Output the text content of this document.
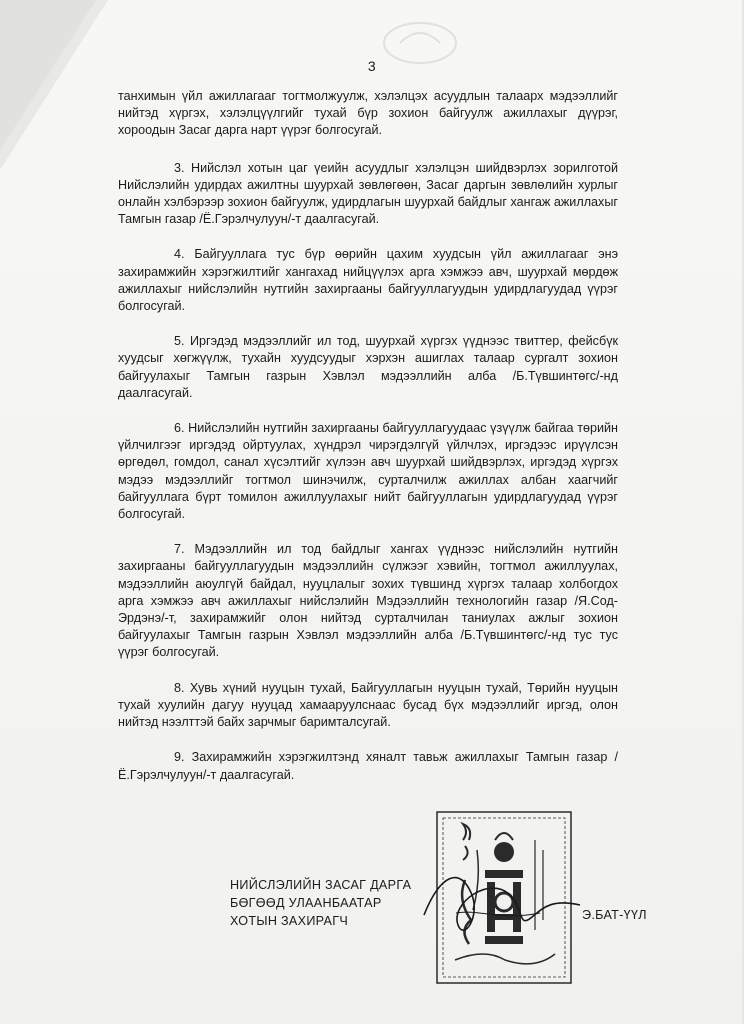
3

танхимын үйл ажиллагааг тогтмолжуулж, хэлэлцэх асуудлын талаарх мэдээллийг нийтэд хүргэх, хэлэлцүүлгийг тухай бүр зохион байгуулж ажиллахыг дүүрэг, хороодын Засаг дарга нарт үүрэг болгосугай.

3. Нийслэл хотын цаг үеийн асуудлыг хэлэлцэн шийдвэрлэх зорилготой Нийслэлийн удирдах ажилтны шуурхай зөвлөгөөн, Засаг даргын зөвлөлийн хурлыг онлайн хэлбэрээр зохион байгуулж, удирдлагын шуурхай байдлыг хангаж ажиллахыг Тамгын газар /Ё.Гэрэлчулуун/-т даалгасугай.

4. Байгууллага тус бүр өөрийн цахим хуудсын үйл ажиллагааг энэ захирамжийн хэрэгжилтийг хангахад нийцүүлэх арга хэмжээ авч, шуурхай мөрдөж ажиллахыг нийслэлийн нутгийн захиргааны байгууллагуудын удирдлагуудад үүрэг болгосугай.

5. Иргэдэд мэдээллийг ил тод, шуурхай хүргэх үүднээс твиттер, фейсбүк хуудсыг хөгжүүлж, тухайн хуудсуудыг хэрхэн ашиглах талаар сургалт зохион байгуулахыг Тамгын газрын Хэвлэл мэдээллийн алба /Б.Түвшинтөгс/-нд даалгасугай.

6. Нийслэлийн нутгийн захиргааны байгууллагуудаас үзүүлж байгаа төрийн үйлчилгээг иргэдэд ойртуулах, хүндрэл чирэгдэлгүй үйлчлэх, иргэдээс ирүүлсэн өргөдөл, гомдол, санал хүсэлтийг хүлээн авч шуурхай шийдвэрлэх, иргэдэд хүргэх мэдээ мэдээллийг тогтмол шинэчилж, сурталчилж ажиллах албан хаагчийг байгууллага бүрт томилон ажиллуулахыг нийт байгууллагын удирдлагуудад үүрэг болгосугай.

7. Мэдээллийн ил тод байдлыг хангах үүднээс нийслэлийн нутгийн захиргааны байгууллагуудын мэдээллийн сүлжээг хэвийн, тогтмол ажиллуулах, мэдээллийн аюулгүй байдал, нууцлалыг зохих түвшинд хүргэх талаар холбогдох арга хэмжээ авч ажиллахыг нийслэлийн Мэдээллийн технологийн газар /Я.Сод-Эрдэнэ/-т, захирамжийг олон нийтэд сурталчилан таниулах ажлыг зохион байгуулахыг Тамгын газрын Хэвлэл мэдээллийн алба /Б.Түвшинтөгс/-нд тус тус үүрэг болгосугай.

8. Хувь хүний нууцын тухай, Байгууллагын нууцын тухай, Төрийн нууцын тухай хуулийн дагуу нууцад хамааруулснаас бусад бүх мэдээллийг иргэд, олон нийтэд нээлттэй байх зарчмыг баримталсугай.

9. Захирамжийн хэрэгжилтэнд хяналт тавьж ажиллахыг Тамгын газар /Ё.Гэрэлчулуун/-т даалгасугай.

НИЙСЛЭЛИЙН ЗАСАГ ДАРГА
БӨГӨӨД УЛААНБААТАР
ХОТЫН ЗАХИРАГЧ	Э.БАТ-ҮҮЛ
